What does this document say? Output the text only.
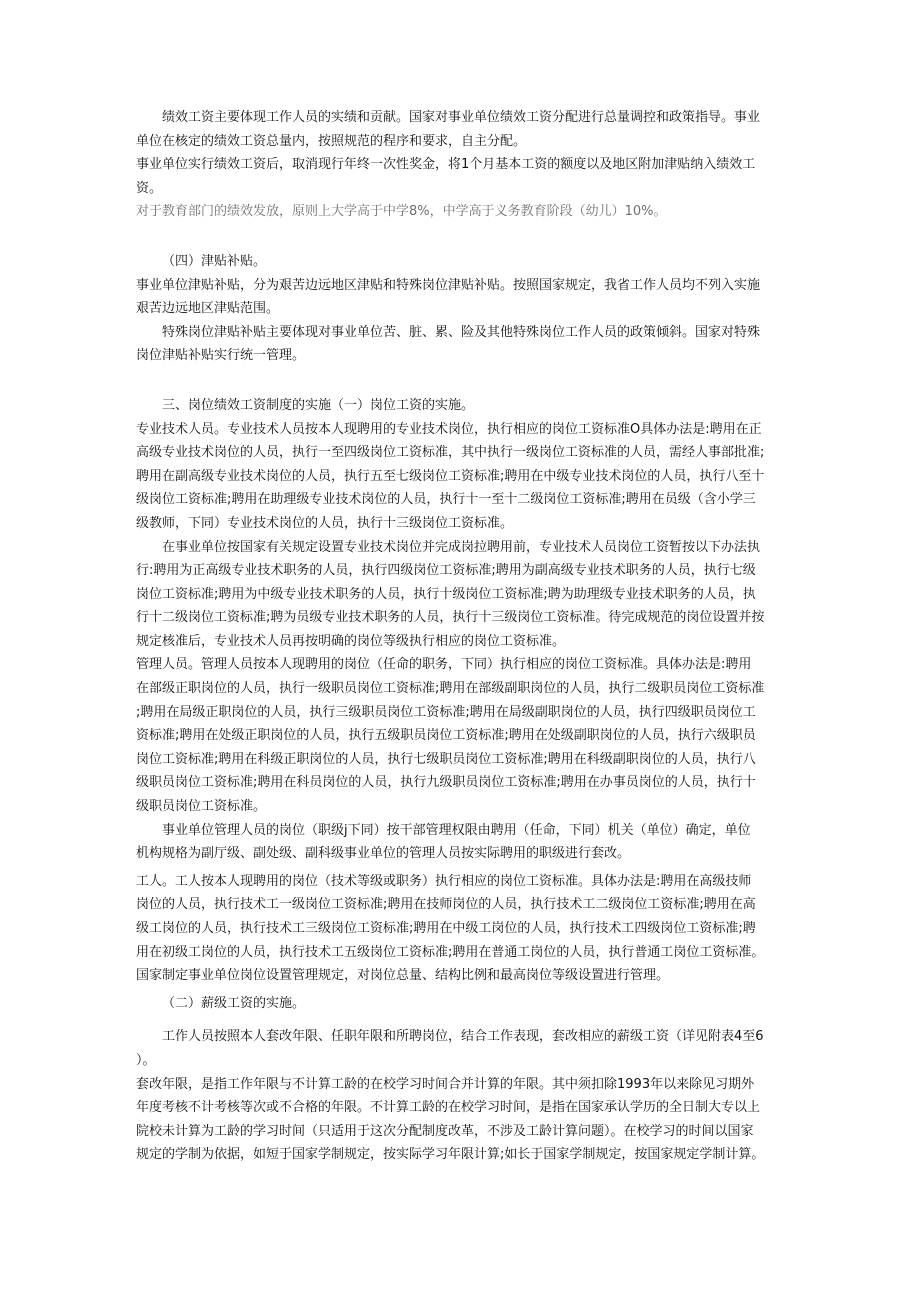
绩效工资主要体现工作人员的实绩和贡献。国家对事业单位绩效工资分配进行总量调控和政策指导。事业
单位在核定的绩效工资总量内，按照规范的程序和要求，自主分配。

事业单位实行绩效工资后，取消现行年终一次性奖金，将1个月基本工资的额度以及地区附加津贴纳入绩效工
资。

对于教育部门的绩效发放，原则上大学高于中学8%，中学高于义务教育阶段（幼儿）10%。

（四）津贴补贴。

事业单位津贴补贴，分为艰苦边远地区津贴和特殊岗位津贴补贴。按照国家规定，我省工作人员均不列入实施
艰苦边远地区津贴范围。

特殊岗位津贴补贴主要体现对事业单位苦、脏、累、险及其他特殊岗位工作人员的政策倾斜。国家对特殊
岗位津贴补贴实行统一管理。

三、岗位绩效工资制度的实施（一）岗位工资的实施。

专业技术人员。专业技术人员按本人现聘用的专业技术岗位，执行相应的岗位工资标准O具体办法是:聘用在正
高级专业技术岗位的人员，执行一至四级岗位工资标准，其中执行一级岗位工资标准的人员，需经人事部批准;
聘用在副高级专业技术岗位的人员，执行五至七级岗位工资标准;聘用在中级专业技术岗位的人员，执行八至十
级岗位工资标准;聘用在助理级专业技术岗位的人员，执行十一至十二级岗位工资标准;聘用在员级（含小学三
级教师，下同）专业技术岗位的人员，执行十三级岗位工资标准。

在事业单位按国家有关规定设置专业技术岗位并完成岗拉聘用前，专业技术人员岗位工资暂按以下办法执
行:聘用为正高级专业技术职务的人员，执行四级岗位工资标准;聘用为副高级专业技术职务的人员，执行七级
岗位工资标准;聘用为中级专业技术职务的人员，执行十级岗位工资标准;聘为助理级专业技术职务的人员，执
行十二级岗位工资标准;聘为员级专业技术职务的人员，执行十三级岗位工资标准。待完成规范的岗位设置并按
规定核准后，专业技术人员再按明确的岗位等级执行相应的岗位工资标准。

管理人员。管理人员按本人现聘用的岗位（任命的职务，下同）执行相应的岗位工资标准。具体办法是:聘用
在部级正职岗位的人员，执行一级职员岗位工资标准;聘用在部级副职岗位的人员，执行二级职员岗位工资标准
;聘用在局级正职岗位的人员，执行三级职员岗位工资标准;聘用在局级副职岗位的人员，执行四级职员岗位工
资标准;聘用在处级正职岗位的人员，执行五级职员岗位工资标准;聘用在处级副职岗位的人员，执行六级职员
岗位工资标准;聘用在科级正职岗位的人员，执行七级职员岗位工资标准;聘用在科级副职岗位的人员，执行八
级职员岗位工资标准;聘用在科员岗位的人员，执行九级职员岗位工资标准;聘用在办事员岗位的人员，执行十
级职员岗位工资标准。

事业单位管理人员的岗位（职级j下同）按干部管理权限由聘用（任命，下同）机关（单位）确定，单位
机构规格为副厅级、副处级、副科级事业单位的管理人员按实际聘用的职级进行套改。

工人。工人按本人现聘用的岗位（技术等级或职务）执行相应的岗位工资标准。具体办法是:聘用在高级技师
岗位的人员，执行技术工一级岗位工资标准;聘用在技师岗位的人员，执行技术工二级岗位工资标准;聘用在高
级工岗位的人员，执行技术工三级岗位工资标准;聘用在中级工岗位的人员，执行技术工四级岗位工资标准;聘
用在初级工岗位的人员，执行技术工五级岗位工资标准;聘用在普通工岗位的人员，执行普通工岗位工资标准。
国家制定事业单位岗位设置管理规定，对岗位总量、结构比例和最高岗位等级设置进行管理。

（二）薪级工资的实施。

工作人员按照本人套改年限、任职年限和所聘岗位，结合工作表现，套改相应的薪级工资（详见附表4至6
）。

套改年限，是指工作年限与不计算工龄的在校学习时间合并计算的年限。其中须扣除1993年以来除见习期外
年度考核不计考核等次或不合格的年限。不计算工龄的在校学习时间，是指在国家承认学历的全日制大专以上
院校未计算为工龄的学习时间（只适用于这次分配制度改革，不涉及工龄计算问题）。在校学习的时间以国家
规定的学制为依据，如短于国家学制规定，按实际学习年限计算;如长于国家学制规定，按国家规定学制计算。
